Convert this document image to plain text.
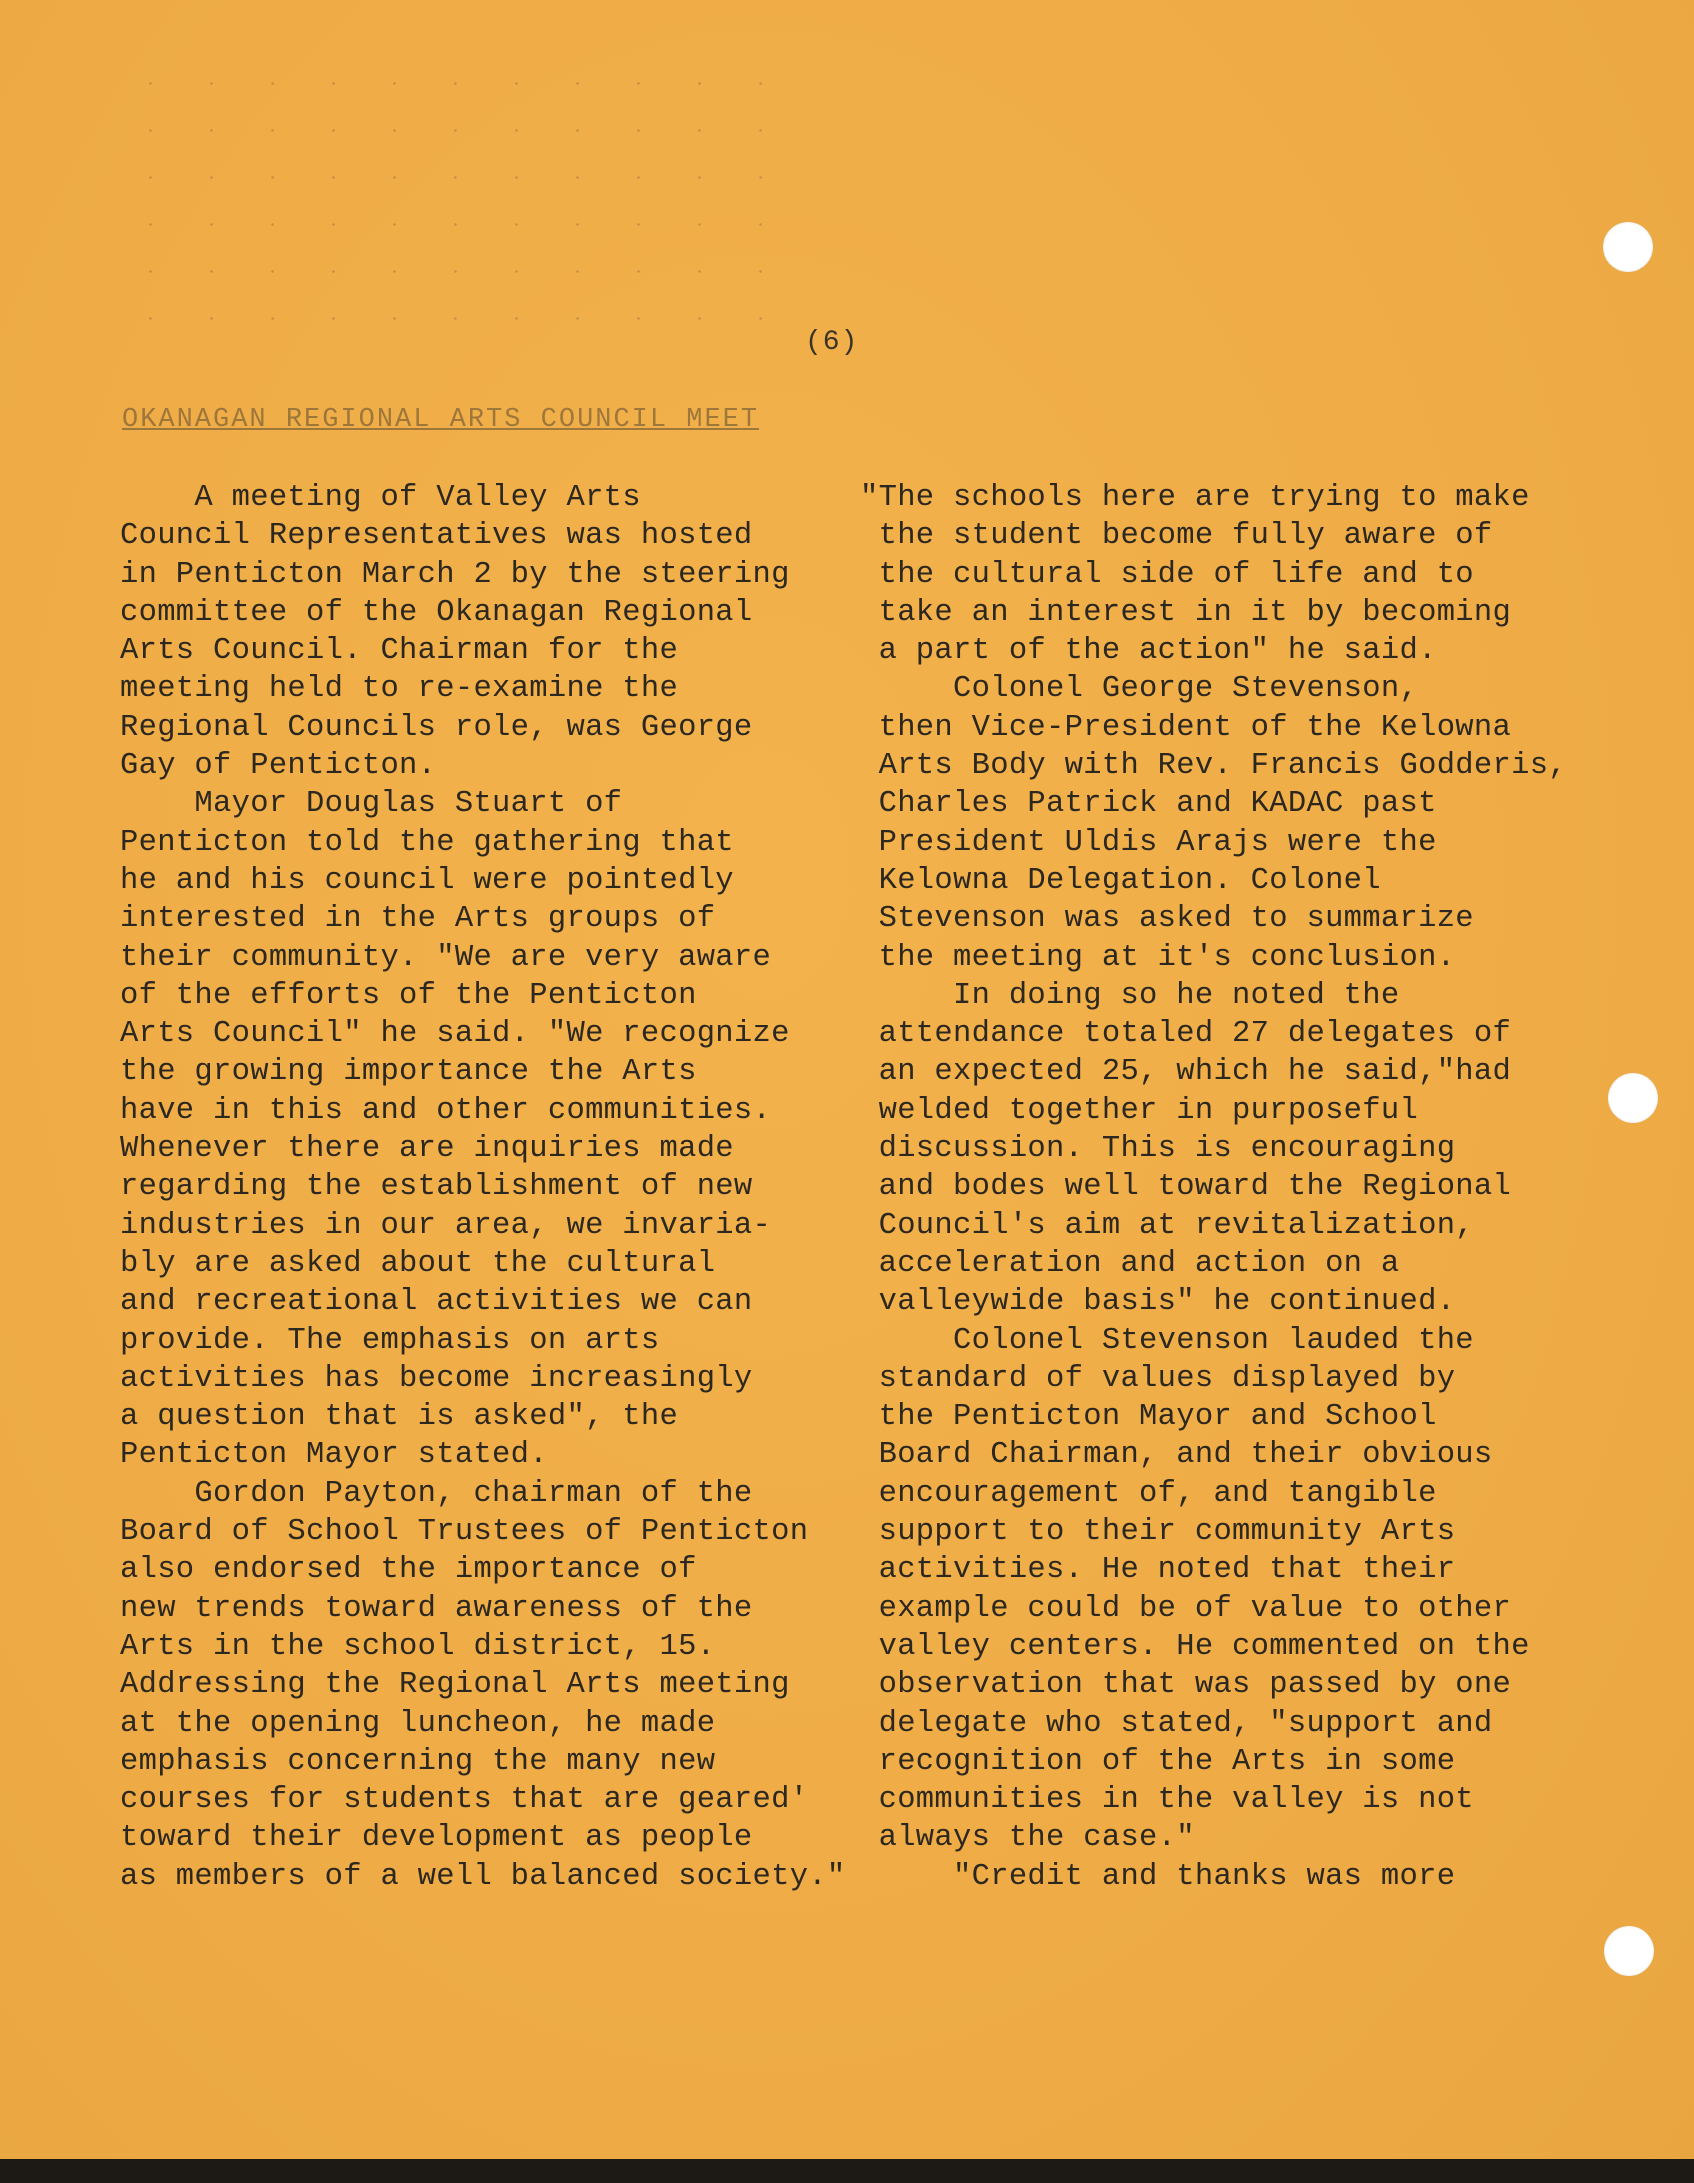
(6)
OKANAGAN REGIONAL ARTS COUNCIL MEET
A meeting of Valley Arts
Council Representatives was hosted
in Penticton March 2 by the steering
committee of the Okanagan Regional
Arts Council. Chairman for the
meeting held to re-examine the
Regional Councils role, was George
Gay of Penticton.
Mayor Douglas Stuart of
Penticton told the gathering that
he and his council were pointedly
interested in the Arts groups of
their community. "We are very aware
of the efforts of the Penticton
Arts Council" he said. "We recognize
the growing importance the Arts
have in this and other communities.
Whenever there are inquiries made
regarding the establishment of new
industries in our area, we invaria-
bly are asked about the cultural
and recreational activities we can
provide. The emphasis on arts
activities has become increasingly
a question that is asked", the
Penticton Mayor stated.
Gordon Payton, chairman of the
Board of School Trustees of Penticton
also endorsed the importance of
new trends toward awareness of the
Arts in the school district, 15.
Addressing the Regional Arts meeting
at the opening luncheon, he made
emphasis concerning the many new
courses for students that are geared'
toward their development as people
as members of a well balanced society."
"The schools here are trying to make
the student become fully aware of
the cultural side of life and to
take an interest in it by becoming
a part of the action" he said.
Colonel George Stevenson,
then Vice-President of the Kelowna
Arts Body with Rev. Francis Godderis,
Charles Patrick and KADAC past
President Uldis Arajs were the
Kelowna Delegation. Colonel
Stevenson was asked to summarize
the meeting at it's conclusion.
In doing so he noted the
attendance totaled 27 delegates of
an expected 25, which he said,"had
welded together in purposeful
discussion. This is encouraging
and bodes well toward the Regional
Council's aim at revitalization,
acceleration and action on a
valleywide basis" he continued.
Colonel Stevenson lauded the
standard of values displayed by
the Penticton Mayor and School
Board Chairman, and their obvious
encouragement of, and tangible
support to their community Arts
activities. He noted that their
example could be of value to other
valley centers. He commented on the
observation that was passed by one
delegate who stated, "support and
recognition of the Arts in some
communities in the valley is not
always the case."
"Credit and thanks was more
